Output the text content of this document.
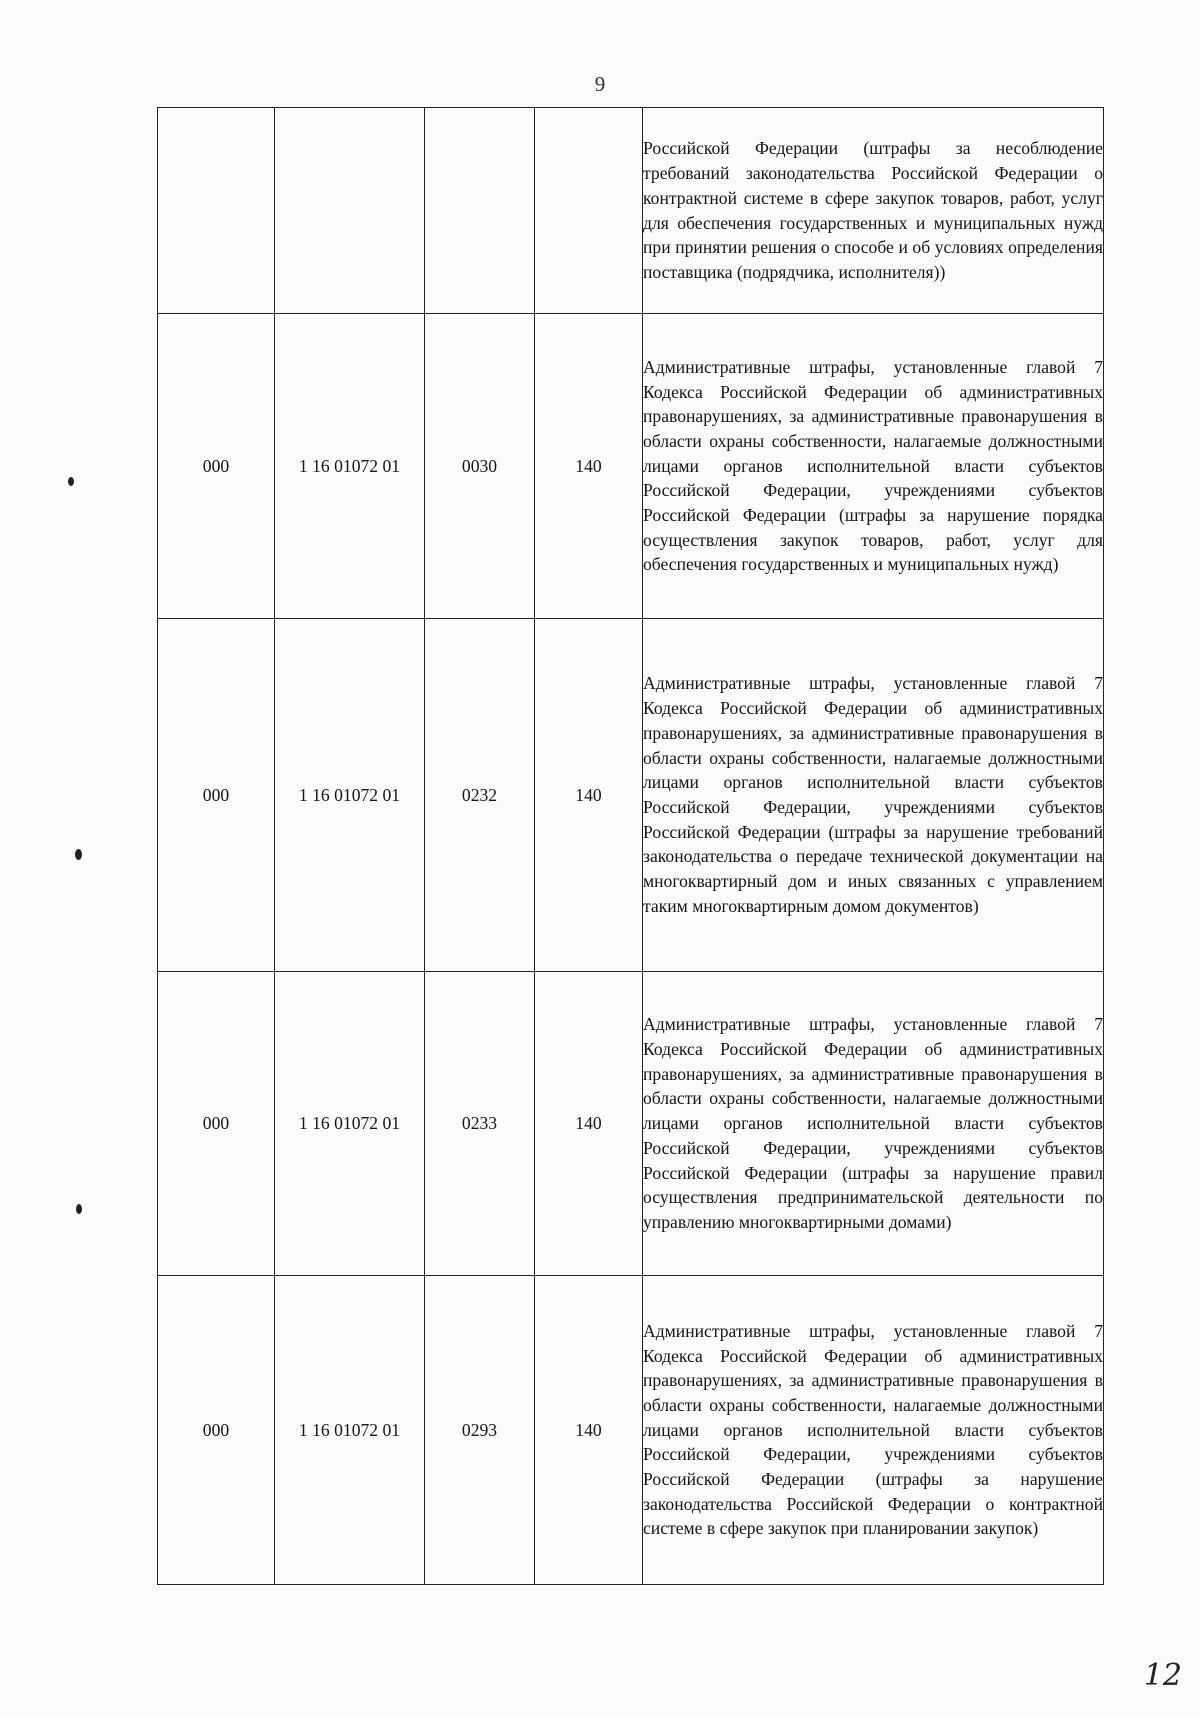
9
				Российской Федерации (штрафы за несоблюдение требований законодательства Российской Федерации о контрактной системе в сфере закупок товаров, работ, услуг для обеспечения государственных и муниципальных нужд при принятии решения о способе и об условиях определения поставщика (подрядчика, исполнителя))
000	1 16 01072 01	0030	140	Административные штрафы, установленные главой 7 Кодекса Российской Федерации об административных правонарушениях, за административные правонарушения в области охраны собственности, налагаемые должностными лицами органов исполнительной власти субъектов Российской Федерации, учреждениями субъектов Российской Федерации (штрафы за нарушение порядка осуществления закупок товаров, работ, услуг для обеспечения государственных и муниципальных нужд)
000	1 16 01072 01	0232	140	Административные штрафы, установленные главой 7 Кодекса Российской Федерации об административных правонарушениях, за административные правонарушения в области охраны собственности, налагаемые должностными лицами органов исполнительной власти субъектов Российской Федерации, учреждениями субъектов Российской Федерации (штрафы за нарушение требований законодательства о передаче технической документации на многоквартирный дом и иных связанных с управлением таким многоквартирным домом документов)
000	1 16 01072 01	0233	140	Административные штрафы, установленные главой 7 Кодекса Российской Федерации об административных правонарушениях, за административные правонарушения в области охраны собственности, налагаемые должностными лицами органов исполнительной власти субъектов Российской Федерации, учреждениями субъектов Российской Федерации (штрафы за нарушение правил осуществления предпринимательской деятельности по управлению многоквартирными домами)
000	1 16 01072 01	0293	140	Административные штрафы, установленные главой 7 Кодекса Российской Федерации об административных правонарушениях, за административные правонарушения в области охраны собственности, налагаемые должностными лицами органов исполнительной власти субъектов Российской Федерации, учреждениями субъектов Российской Федерации (штрафы за нарушение законодательства Российской Федерации о контрактной системе в сфере закупок при планировании закупок)
12
